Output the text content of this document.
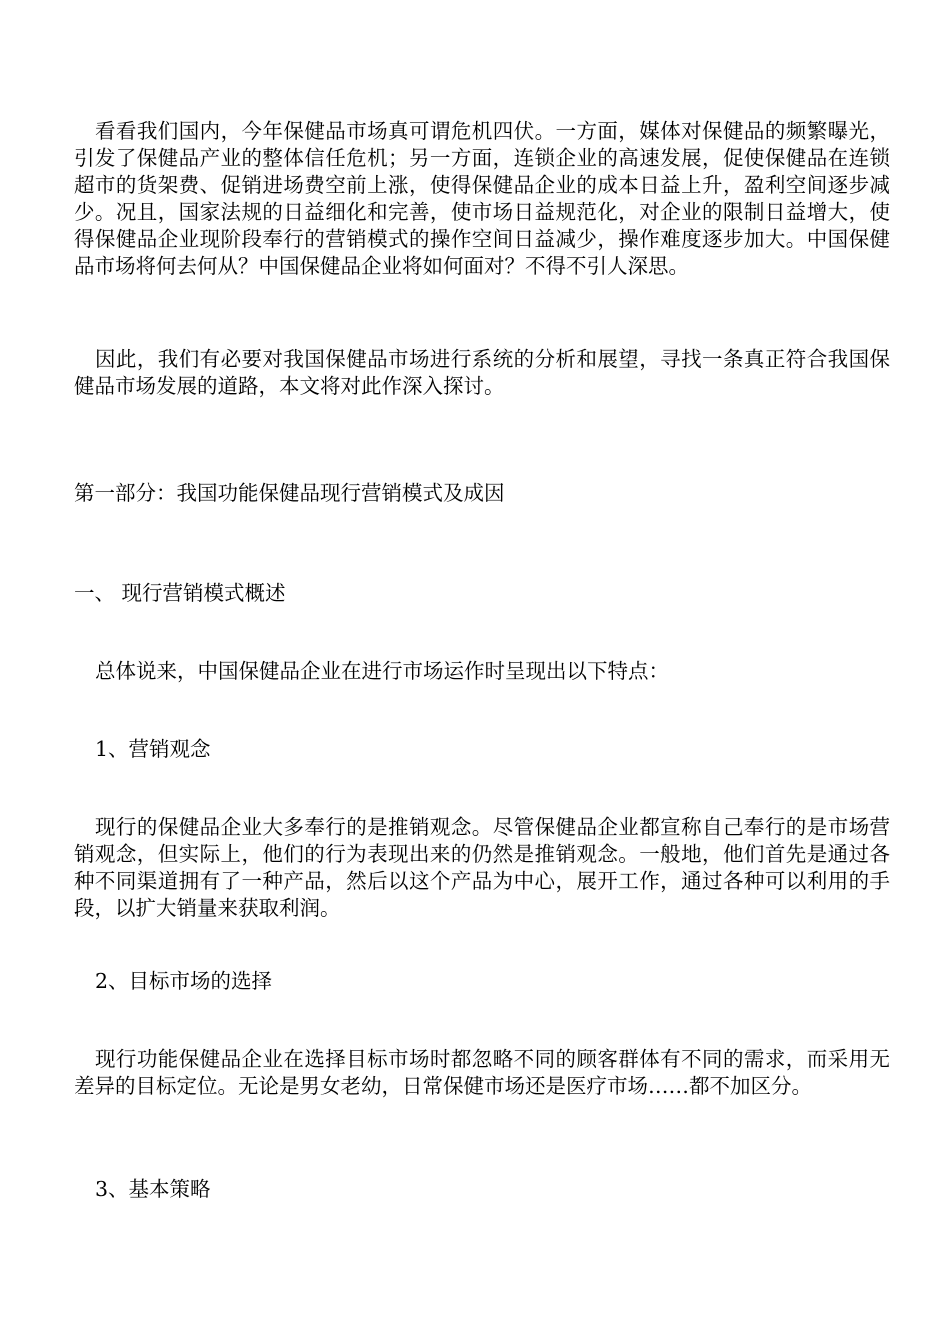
看看我们国内，今年保健品市场真可谓危机四伏。一方面，媒体对保健品的频繁曝光，引发了保健品产业的整体信任危机；另一方面，连锁企业的高速发展，促使保健品在连锁超市的货架费、促销进场费空前上涨，使得保健品企业的成本日益上升，盈利空间逐步减少。况且，国家法规的日益细化和完善，使市场日益规范化，对企业的限制日益增大，使得保健品企业现阶段奉行的营销模式的操作空间日益减少，操作难度逐步加大。中国保健品市场将何去何从？中国保健品企业将如何面对？不得不引人深思。

因此，我们有必要对我国保健品市场进行系统的分析和展望，寻找一条真正符合我国保健品市场发展的道路，本文将对此作深入探讨。

第一部分：我国功能保健品现行营销模式及成因

一、 现行营销模式概述

总体说来，中国保健品企业在进行市场运作时呈现出以下特点：

1、营销观念

现行的保健品企业大多奉行的是推销观念。尽管保健品企业都宣称自己奉行的是市场营销观念，但实际上，他们的行为表现出来的仍然是推销观念。一般地，他们首先是通过各种不同渠道拥有了一种产品，然后以这个产品为中心，展开工作，通过各种可以利用的手段，以扩大销量来获取利润。

2、目标市场的选择

现行功能保健品企业在选择目标市场时都忽略不同的顾客群体有不同的需求，而采用无差异的目标定位。无论是男女老幼，日常保健市场还是医疗市场……都不加区分。

3、基本策略
